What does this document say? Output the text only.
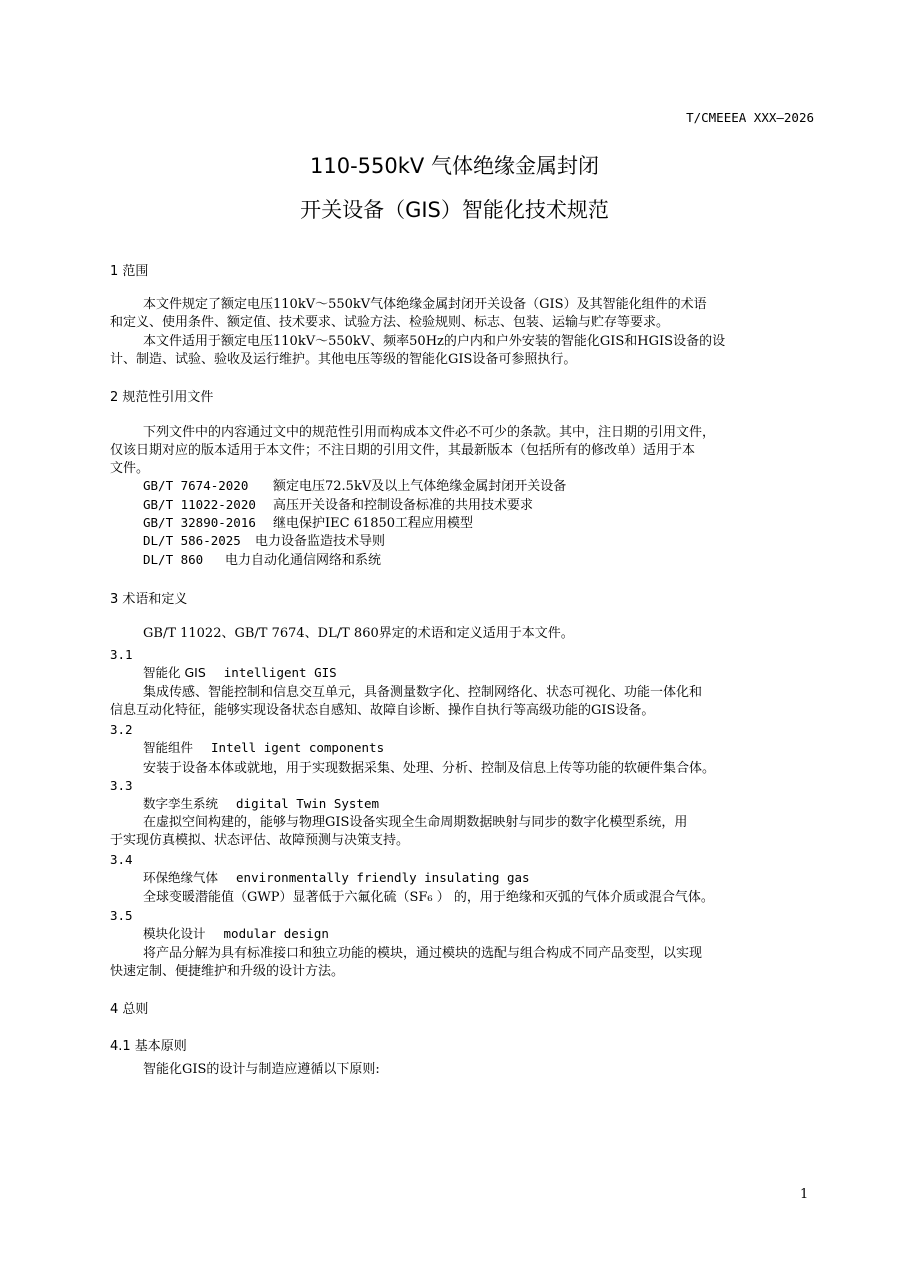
T/CMEEEA XXX—2026
110-550kV 气体绝缘金属封闭
开关设备（GIS）智能化技术规范
1 范围
本文件规定了额定电压110kV～550kV气体绝缘金属封闭开关设备（GIS）及其智能化组件的术语
和定义、使用条件、额定值、技术要求、试验方法、检验规则、标志、包装、运输与贮存等要求。
本文件适用于额定电压110kV～550kV、频率50Hz的户内和户外安装的智能化GIS和HGIS设备的设
计、制造、试验、验收及运行维护。其他电压等级的智能化GIS设备可参照执行。
2 规范性引用文件
下列文件中的内容通过文中的规范性引用而构成本文件必不可少的条款。其中，注日期的引用文件，
仅该日期对应的版本适用于本文件；不注日期的引用文件，其最新版本（包括所有的修改单）适用于本
文件。
GB/T 7674-2020 额定电压72.5kV及以上气体绝缘金属封闭开关设备
GB/T 11022-2020 高压开关设备和控制设备标准的共用技术要求
GB/T 32890-2016 继电保护IEC 61850工程应用模型
DL/T 586-2025 电力设备监造技术导则
DL/T 860 电力自动化通信网络和系统
3 术语和定义
GB/T 11022、GB/T 7674、DL/T 860界定的术语和定义适用于本文件。
3.1
智能化 GIS intelligent GIS
集成传感、智能控制和信息交互单元，具备测量数字化、控制网络化、状态可视化、功能一体化和
信息互动化特征，能够实现设备状态自感知、故障自诊断、操作自执行等高级功能的GIS设备。
3.2
智能组件 Intell igent components
安装于设备本体或就地，用于实现数据采集、处理、分析、控制及信息上传等功能的软硬件集合体。
3.3
数字孪生系统 digital Twin System
在虚拟空间构建的，能够与物理GIS设备实现全生命周期数据映射与同步的数字化模型系统，用
于实现仿真模拟、状态评估、故障预测与决策支持。
3.4
环保绝缘气体 environmentally friendly insulating gas
全球变暖潜能值（GWP）显著低于六氟化硫（SF₆ ） 的，用于绝缘和灭弧的气体介质或混合气体。
3.5
模块化设计 modular design
将产品分解为具有标准接口和独立功能的模块，通过模块的选配与组合构成不同产品变型，以实现
快速定制、便捷维护和升级的设计方法。
4 总则
4.1 基本原则
智能化GIS的设计与制造应遵循以下原则:
1
